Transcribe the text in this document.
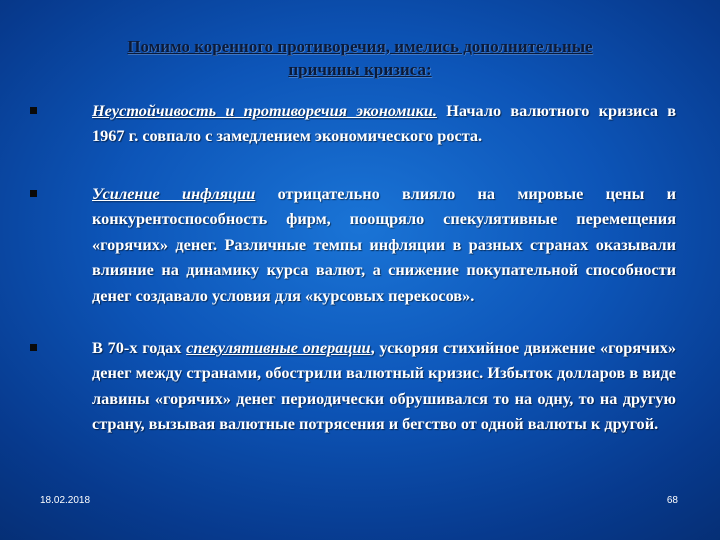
Помимо коренного противоречия, имелись дополнительные
причины кризиса:
Неустойчивость и противоречия экономики. Начало валютного кризиса в 1967 г. совпало с замедлением экономического роста.
Усиление инфляции отрицательно влияло на мировые цены и конкурентоспособность фирм, поощряло спекулятивные перемещения «горячих» денег. Различные темпы инфляции в разных странах оказывали влияние на динамику курса валют, а снижение покупательной способности денег создавало условия для «курсовых перекосов».
В 70-х годах спекулятивные операции, ускоряя стихийное движение «горячих» денег между странами, обострили валютный кризис. Избыток долларов в виде лавины «горячих» денег периодически обрушивался то на одну, то на другую страну, вызывая валютные потрясения и бегство от одной валюты к другой.
18.02.2018	68
